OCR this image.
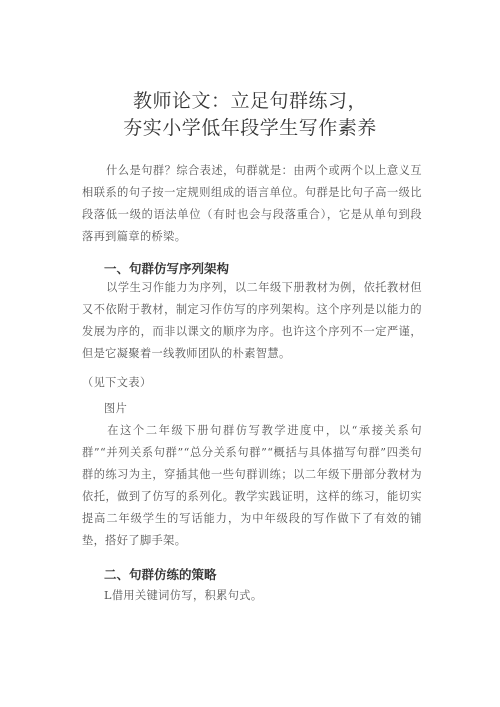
教师论文：立足句群练习，
夯实小学低年段学生写作素养
什么是句群？综合表述，句群就是：由两个或两个以上意义互相联系的句子按一定规则组成的语言单位。句群是比句子高一级比段落低一级的语法单位（有时也会与段落重合），它是从单句到段落再到篇章的桥梁。
一、句群仿写序列架构
以学生习作能力为序列，以二年级下册教材为例，依托教材但又不依附于教材，制定习作仿写的序列架构。这个序列是以能力的发展为序的，而非以课文的顺序为序。也许这个序列不一定严谨，但是它凝聚着一线教师团队的朴素智慧。
（见下文表）
图片
在这个二年级下册句群仿写教学进度中，以“承接关系句群”“并列关系句群”“总分关系句群”“概括与具体描写句群”四类句群的练习为主，穿插其他一些句群训练；以二年级下册部分教材为依托，做到了仿写的系列化。教学实践证明，这样的练习，能切实提高二年级学生的写话能力，为中年级段的写作做下了有效的铺垫，搭好了脚手架。
二、句群仿练的策略
L借用关键词仿写，积累句式。
